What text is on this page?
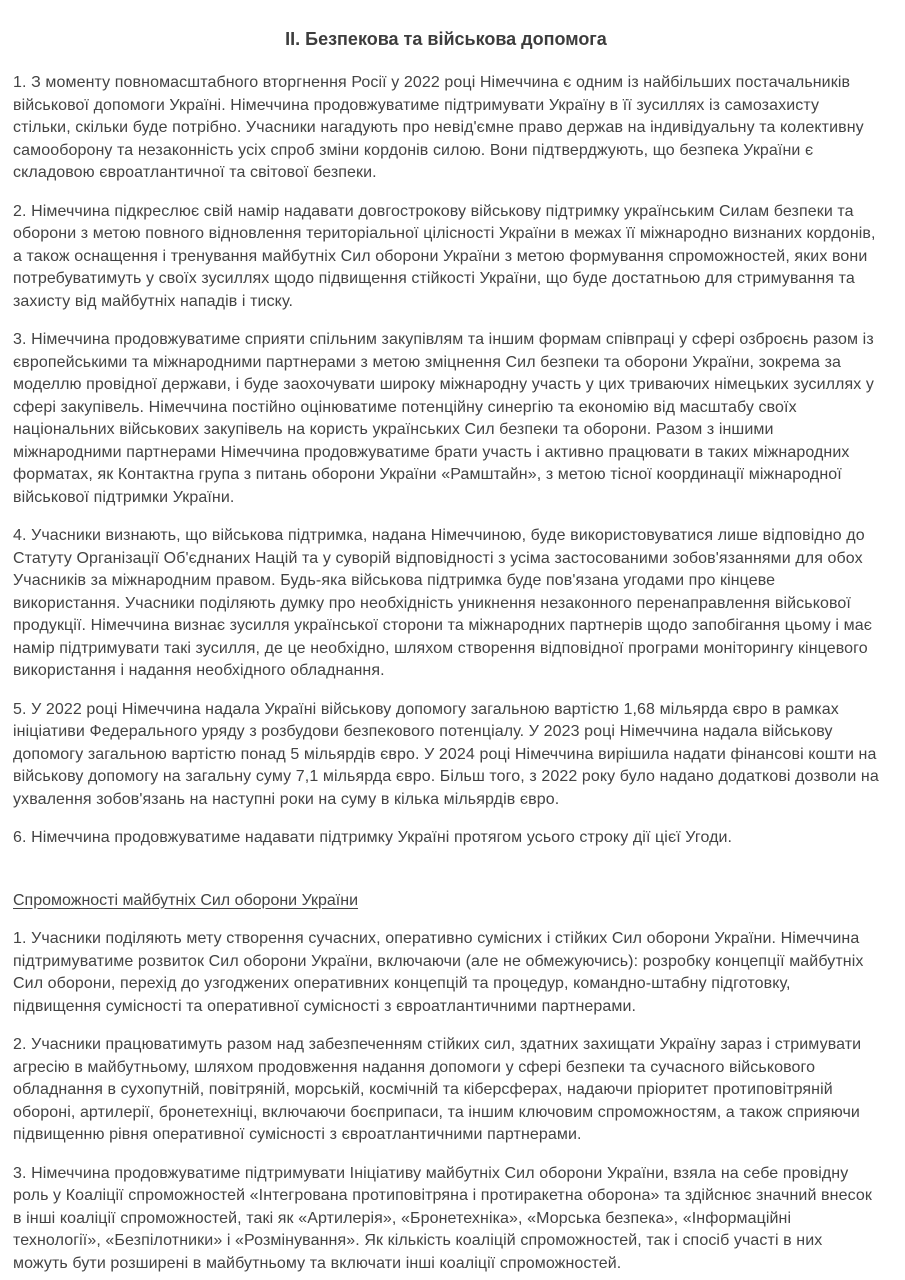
II. Безпекова та військова допомога

1. З моменту повномасштабного вторгнення Росії у 2022 році Німеччина є одним із найбільших постачальників військової допомоги Україні. Німеччина продовжуватиме підтримувати Україну в її зусиллях із самозахисту стільки, скільки буде потрібно. Учасники нагадують про невід'ємне право держав на індивідуальну та колективну самооборону та незаконність усіх спроб зміни кордонів силою. Вони підтверджують, що безпека України є складовою євроатлантичної та світової безпеки.

2. Німеччина підкреслює свій намір надавати довгострокову військову підтримку українським Силам безпеки та оборони з метою повного відновлення територіальної цілісності України в межах її міжнародно визнаних кордонів, а також оснащення і тренування майбутніх Сил оборони України з метою формування спроможностей, яких вони потребуватимуть у своїх зусиллях щодо підвищення стійкості України, що буде достатньою для стримування та захисту від майбутніх нападів і тиску.

3. Німеччина продовжуватиме сприяти спільним закупівлям та іншим формам співпраці у сфері озброєнь разом із європейськими та міжнародними партнерами з метою зміцнення Сил безпеки та оборони України, зокрема за моделлю провідної держави, і буде заохочувати широку міжнародну участь у цих триваючих німецьких зусиллях у сфері закупівель. Німеччина постійно оцінюватиме потенційну синергію та економію від масштабу своїх національних військових закупівель на користь українських Сил безпеки та оборони. Разом з іншими міжнародними партнерами Німеччина продовжуватиме брати участь і активно працювати в таких міжнародних форматах, як Контактна група з питань оборони України «Рамштайн», з метою тісної координації міжнародної військової підтримки України.

4. Учасники визнають, що військова підтримка, надана Німеччиною, буде використовуватися лише відповідно до Статуту Організації Об'єднаних Націй та у суворій відповідності з усіма застосованими зобов'язаннями для обох Учасників за міжнародним правом. Будь-яка військова підтримка буде пов'язана угодами про кінцеве використання. Учасники поділяють думку про необхідність уникнення незаконного перенаправлення військової продукції. Німеччина визнає зусилля української сторони та міжнародних партнерів щодо запобігання цьому і має намір підтримувати такі зусилля, де це необхідно, шляхом створення відповідної програми моніторингу кінцевого використання і надання необхідного обладнання.

5. У 2022 році Німеччина надала Україні військову допомогу загальною вартістю 1,68 мільярда євро в рамках ініціативи Федерального уряду з розбудови безпекового потенціалу. У 2023 році Німеччина надала військову допомогу загальною вартістю понад 5 мільярдів євро. У 2024 році Німеччина вирішила надати фінансові кошти на військову допомогу на загальну суму 7,1 мільярда євро. Більш того, з 2022 року було надано додаткові дозволи на ухвалення зобов'язань на наступні роки на суму в кілька мільярдів євро.

6. Німеччина продовжуватиме надавати підтримку Україні протягом усього строку дії цієї Угоди.

Спроможності майбутніх Сил оборони України

1. Учасники поділяють мету створення сучасних, оперативно сумісних і стійких Сил оборони України. Німеччина підтримуватиме розвиток Сил оборони України, включаючи (але не обмежуючись): розробку концепції майбутніх Сил оборони, перехід до узгоджених оперативних концепцій та процедур, командно-штабну підготовку, підвищення сумісності та оперативної сумісності з євроатлантичними партнерами.

2. Учасники працюватимуть разом над забезпеченням стійких сил, здатних захищати Україну зараз і стримувати агресію в майбутньому, шляхом продовження надання допомоги у сфері безпеки та сучасного військового обладнання в сухопутній, повітряній, морській, космічній та кіберсферах, надаючи пріоритет протиповітряній обороні, артилерії, бронетехніці, включаючи боєприпаси, та іншим ключовим спроможностям, а також сприяючи підвищенню рівня оперативної сумісності з євроатлантичними партнерами.

3. Німеччина продовжуватиме підтримувати Ініціативу майбутніх Сил оборони України, взяла на себе провідну роль у Коаліції спроможностей «Інтегрована протиповітряна і протиракетна оборона» та здійснює значний внесок в інші коаліції спроможностей, такі як «Артилерія», «Бронетехніка», «Морська безпека», «Інформаційні технології», «Безпілотники» і «Розмінування». Як кількість коаліцій спроможностей, так і спосіб участі в них можуть бути розширені в майбутньому та включати інші коаліції спроможностей.
